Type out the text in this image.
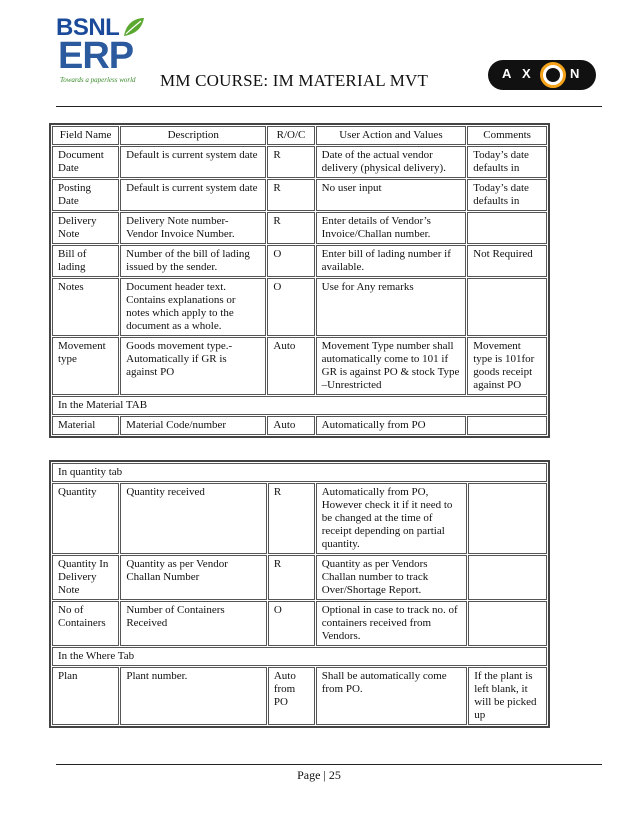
BSNL
ERP
Towards a paperless world MM COURSE: IM MATERIAL MVT	A X	N
Field Name	Description	R/O/C	User Action and Values	Comments
Document Date	Default is current system date	R	Date of the actual vendor delivery (physical delivery).	Today’s date defaults in
Posting Date	Default is current system date	R	No user input	Today’s date defaults in
Delivery Note	Delivery Note number- Vendor Invoice Number.	R	Enter details of Vendor’s Invoice/Challan number.	
Bill of lading	Number of the bill of lading issued by the sender.	O	Enter bill of lading number if available.	Not Required
Notes	Document header text. Contains explanations or notes which apply to the document as a whole.	O	Use for Any remarks	
Movement type	Goods movement type.- Automatically if GR is against PO	Auto	Movement Type number shall automatically come to 101 if GR is against PO & stock Type –Unrestricted	Movement type is 101for goods receipt against PO
In the Material TAB				
Material	Material Code/number	Auto	Automatically from PO	
In quantity tab				
Quantity	Quantity received	R	Automatically from PO, However check it if it need to be changed at the time of receipt depending on partial quantity.	
Quantity In Delivery Note	Quantity as per Vendor Challan Number	R	Quantity as per Vendors Challan number to track Over/Shortage Report.	
No of Containers	Number of Containers Received	O	Optional in case to track no. of containers received from Vendors.	
In the Where Tab				
Plan	Plant number.	Auto from PO	Shall be automatically come from PO.	If the plant is left blank, it will be picked up
Page | 25
